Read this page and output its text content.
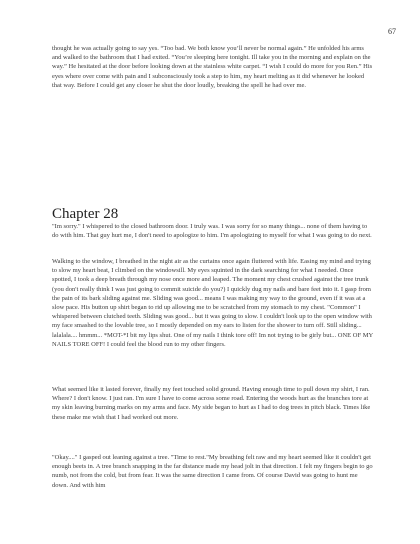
67

thought he was actually going to say yes. “Too bad. We both know you’ll never be normal again.” He unfolded his arms and walked to the bathroom that I had exited. “You’re sleeping here tonight. Ill take you in the morning and explain on the way.” He hesitated at the door before looking down at the stainless white carpet. “I wish I could do more for you Ren.” His eyes where over come with pain and I subconsciously took a step to him, my heart melting as it did whenever he looked that way. Before I could get any closer he shut the door loudly, breaking the spell he had over me.

Chapter 28

"Im sorry." I whispered to the closed bathroom door. I truly was. I was sorry for so many things... none of them having to do with him. That guy hurt me, I don't need to apologize to him. I'm apologizing to myself for what I was going to do next.

Walking to the window, I breathed in the night air as the curtains once again fluttered with life. Easing my mind and trying to slow my heart beat, I climbed on the windowsill. My eyes squinted in the dark searching for what I needed. Once spotted, I took a deep breath through my nose once more and leaped. The moment my chest crushed against the tree trunk (you don't really think I was just going to commit suicide do you?) I quickly dug my nails and bare feet into it. I gasp from the pain of its bark sliding against me. Sliding was good... means I was making my way to the ground, even if it was at a slow pace. His button up shirt began to rid up allowing me to be scratched from my stomach to my chest. "Common" I whispered between clutched teeth. Sliding was good... but it was going to slow. I couldn't look up to the open window with my face smashed to the lovable tree, so I mostly depended on my ears to listen for the shower to turn off. Still sliding... lalalala.... hmmm... *MOT-*I bit my lips shut. One of my nails I think tore off! Im not trying to be girly but... ONE OF MY NAILS TORE OFF! I could feel the blood run to my other fingers.

What seemed like it lasted forever, finally my feet touched solid ground. Having enough time to pull down my shirt, I ran. Where? I don't know. I just ran. I'm sure I have to come across some road. Entering the woods hurt as the branches tore at my skin leaving burning marks on my arms and face. My side began to hurt as I had to dog trees in pitch black. Times like these make me wish that I had worked out more.

"Okay...." I gasped out leaning against a tree. "Time to rest."My breathing felt raw and my heart seemed like it couldn't get enough beets in. A tree branch snapping in the far distance made my head jolt in that direction. I felt my fingers begin to go numb, not from the cold, but from fear. It was the same direction I came from. Of course David was going to hunt me down. And with him
